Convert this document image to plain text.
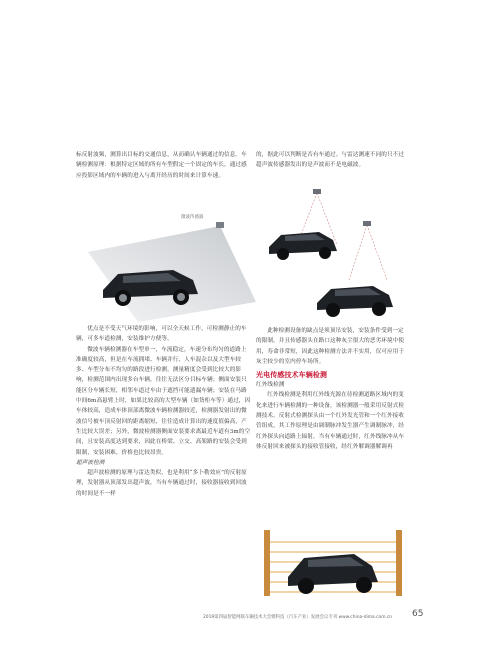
标反射波频，测算出目标的交通信息，从而确认车辆通过的信息。车辆检测原理：根据特定区域的所有车型假定一个固定的车长，通过感应投影区域内的车辆的进入与离开经历的时间来计算车速。

微波传感器

优点是不受天气环境的影响，可以全天候工作，可检测静止的车辆，可多车道检测，安装维护方便等。

微波车辆检测器在车型单一，车流稳定，车速分布均匀的道路上准确度较高，但是在车流拥堵、车辆并行、人车混杂以及大型车较多、车型分布不均匀的路段进行检测，测量精度会受到比较大的影响，检测范围内出现多台车辆，往往无法区分目标车辆；侧面安装只能区分车辆长短，相邻车道过车由于遮挡可能遗漏车辆；安装在马路中间6m高悬臂上时，如果比较高的大型车辆（如货柜车等）通过，因车体较高，造成车体顶部离微波车辆检测器较近，检测器发射出的微波信号被车顶反射回的距离缩短，往往造成计算出的速度值偏高，产生比较大误差；另外，微波检测器侧面安装要求离最近车道有3m的空间，且安装高度达到要求，因此在桥梁、立交、高架路的安装会受到限制，安装困难，价格也比较昂贵。

超声波检测

超声波检测的原理与雷达类似，也是利用“多卜勒效应”的反射原理，发射器从顶部发出超声波，当有车辆通过时，接收器接收到回波的时间是不一样

的，据此可以判断是否有车通过。与雷达测速不同的只不过超声波传感器发出的是声波而不是电磁波。

此种检测设备的缺点是须顶吊安装，安装条件受到一定的限制，并且传感器头在路口这种灰尘很大的恶劣环境中使用，寿命非常短，因此这种检测方法并不实用，仅可应用于灰尘较少的室内停车场所。

光电传感技术车辆检测

红外线检测

红外线检测是利用红外线光源在待检测道路区域内的变化来进行车辆检测的一种设备，该检测器一般采用反射式检测技术。反射式检测探头由一个红外发光管和一个红外接收管组成，其工作原理是由调制脉冲发生器产生调制脉冲，经红外探头向道路上辐射，当有车辆通过时，红外线脉冲从车体反射回来被探头的接收管接收，经红外解调器解调再

2019第四届智能网联车辆技术大会暨科技（汽车产业）发展会议专刊 www.china-dima.com.cn 65
